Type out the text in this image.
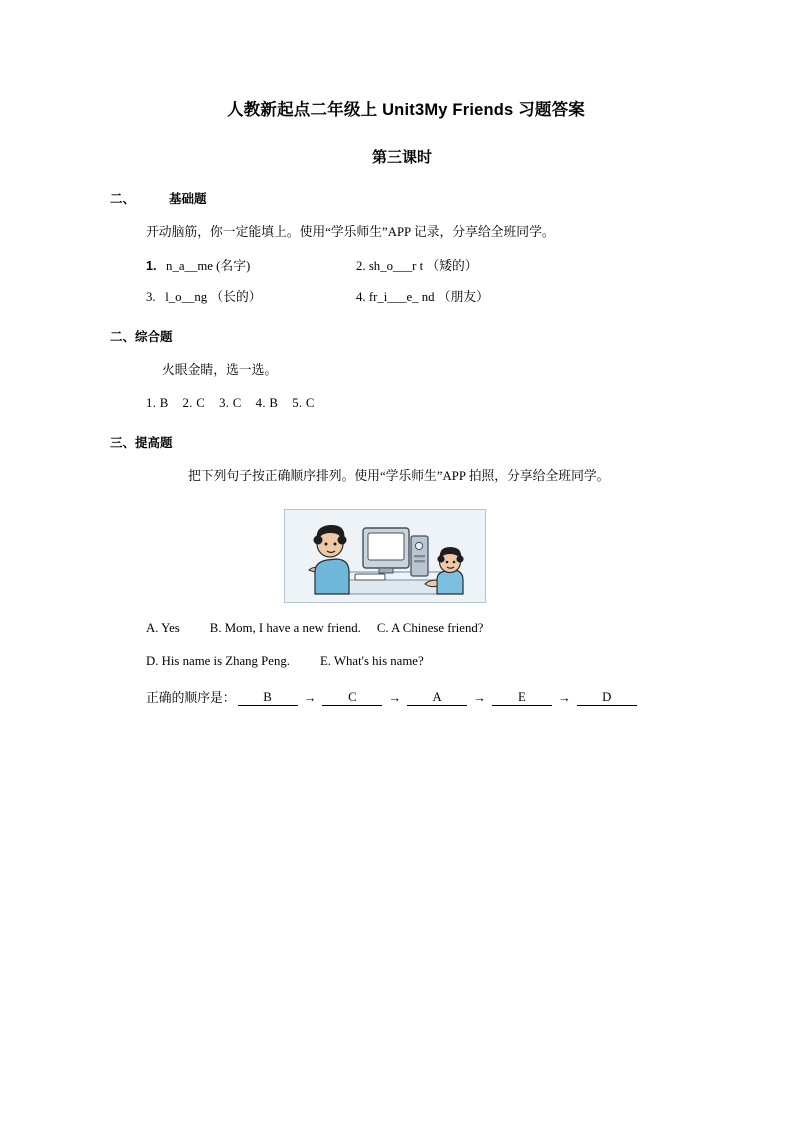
人教新起点二年级上 Unit3My Friends 习题答案
第三课时
二、	基础题
开动脑筋，你一定能填上。使用“学乐师生”APP 记录，分享给全班同学。
1. n_a__me (名字)	2. sh_o___r t （矮的）
3. l_o__ng （长的）	4. fr_i___e_ nd （朋友）
二、综合题
火眼金睛，选一选。
1. B 2. C 3. C 4. B 5. C
三、提高题
把下列句子按正确顺序排列。使用“学乐师生”APP 拍照，分享给全班同学。
A. Yes B. Mom, I have a new friend. C. A Chinese friend?
D. His name is Zhang Peng. E. What's his name?
正确的顺序是：	B	→	C	→	A	→	E	→	D
